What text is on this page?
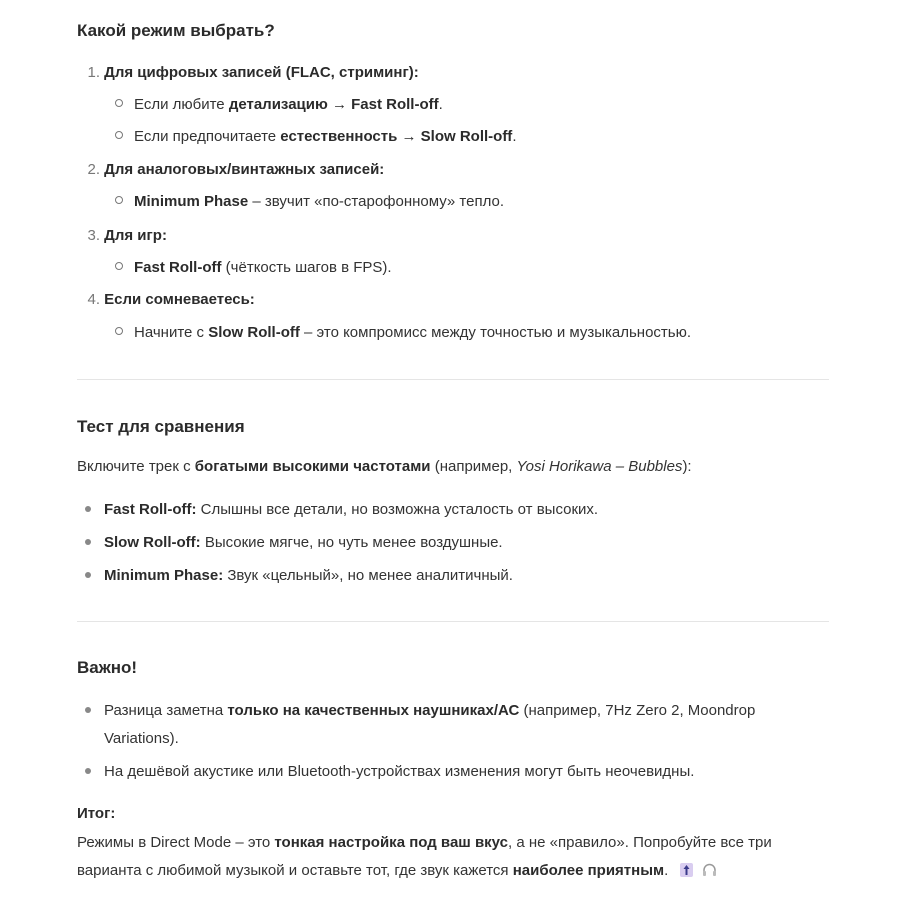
Какой режим выбрать?
1. Для цифровых записей (FLAC, стриминг):
Если любите детализацию → Fast Roll-off.
Если предпочитаете естественность → Slow Roll-off.
2. Для аналоговых/винтажных записей:
Minimum Phase – звучит «по-старофонному» тепло.
3. Для игр:
Fast Roll-off (чёткость шагов в FPS).
4. Если сомневаетесь:
Начните с Slow Roll-off – это компромисс между точностью и музыкальностью.
Тест для сравнения
Включите трек с богатыми высокими частотами (например, Yosi Horikawa – Bubbles):
Fast Roll-off: Слышны все детали, но возможна усталость от высоких.
Slow Roll-off: Высокие мягче, но чуть менее воздушные.
Minimum Phase: Звук «цельный», но менее аналитичный.
Важно!
Разница заметна только на качественных наушниках/АС (например, 7Hz Zero 2, Moondrop
Variations).
На дешёвой акустике или Bluetooth-устройствах изменения могут быть неочевидны.
Итог:
Режимы в Direct Mode – это тонкая настройка под ваш вкус, а не «правило». Попробуйте все три
варианта с любимой музыкой и оставьте тот, где звук кажется наиболее приятным.
